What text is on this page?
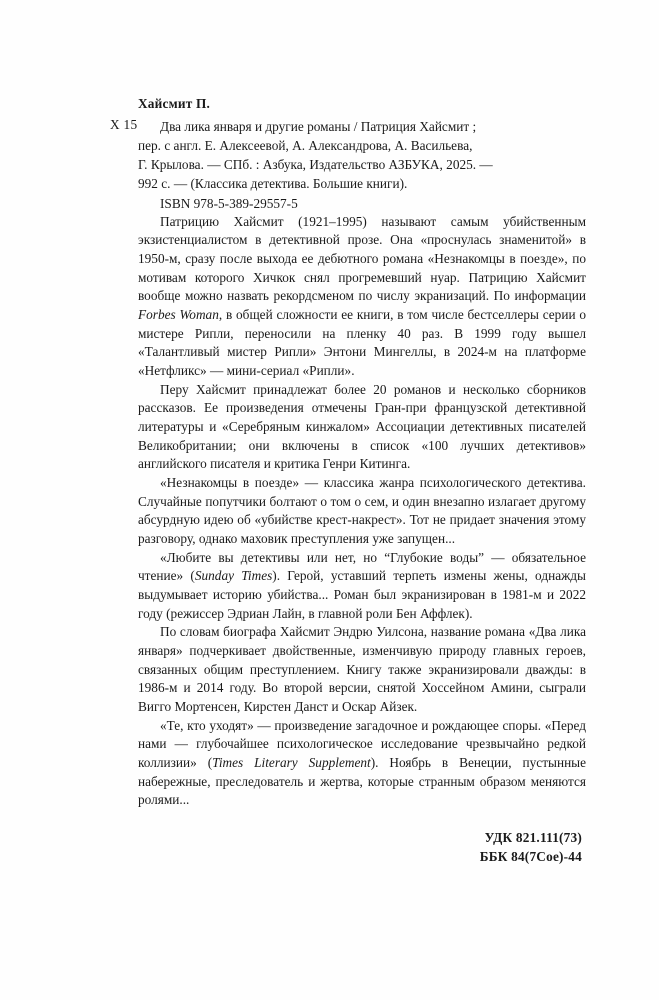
Х 15
Хайсмит П.
Два лика января и другие романы / Патриция Хайсмит ;
пер. с англ. Е. Алексеевой, А. Александрова, А. Васильева,
Г. Крылова. — СПб. : Азбука, Издательство АЗБУКА, 2025. —
992 с. — (Классика детектива. Большие книги).
ISBN 978-5-389-29557-5

Патрицию Хайсмит (1921–1995) называют самым убийственным экзистенциалистом в детективной прозе. Она «проснулась знаменитой» в 1950-м, сразу после выхода ее дебютного романа «Незнакомцы в поезде», по мотивам которого Хичкок снял прогремевший нуар. Патрицию Хайсмит вообще можно назвать рекордсменом по числу экранизаций. По информации Forbes Woman, в общей сложности ее книги, в том числе бестселлеры серии о мистере Рипли, переносили на пленку 40 раз. В 1999 году вышел «Талантливый мистер Рипли» Энтони Мингеллы, в 2024-м на платформе «Нетфликс» — мини-сериал «Рипли».

Перу Хайсмит принадлежат более 20 романов и несколько сборников рассказов. Ее произведения отмечены Гран-при французской детективной литературы и «Серебряным кинжалом» Ассоциации детективных писателей Великобритании; они включены в список «100 лучших детективов» английского писателя и критика Генри Китинга.

«Незнакомцы в поезде» — классика жанра психологического детектива. Случайные попутчики болтают о том о сем, и один внезапно излагает другому абсурдную идею об «убийстве крест-накрест». Тот не придает значения этому разговору, однако маховик преступления уже запущен...

«Любите вы детективы или нет, но “Глубокие воды” — обязательное чтение» (Sunday Times). Герой, уставший терпеть измены жены, однажды выдумывает историю убийства... Роман был экранизирован в 1981-м и 2022 году (режиссер Эдриан Лайн, в главной роли Бен Аффлек).

По словам биографа Хайсмит Эндрю Уилсона, название романа «Два лика января» подчеркивает двойственные, изменчивую природу главных героев, связанных общим преступлением. Книгу также экранизировали дважды: в 1986-м и 2014 году. Во второй версии, снятой Хоссейном Амини, сыграли Вигго Мортенсен, Кирстен Данст и Оскар Айзек.

«Те, кто уходят» — произведение загадочное и рождающее споры. «Перед нами — глубочайшее психологическое исследование чрезвычайно редкой коллизии» (Times Literary Supplement). Ноябрь в Венеции, пустынные набережные, преследователь и жертва, которые странным образом меняются ролями...

УДК 821.111(73)
ББК 84(7Сое)-44
